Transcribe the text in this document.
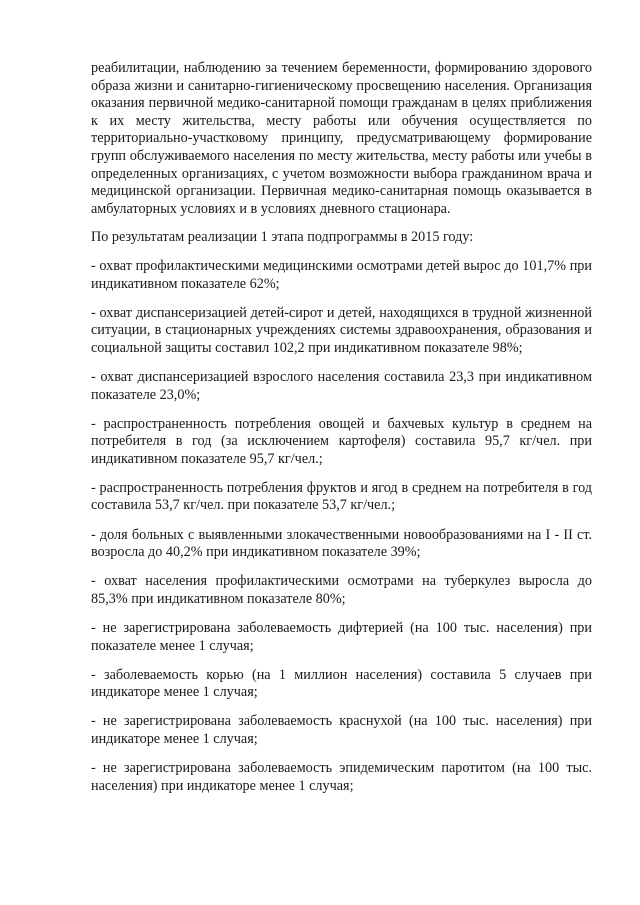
реабилитации, наблюдению за течением беременности, формированию здорового образа жизни и санитарно-гигиеническому просвещению населения. Организация оказания первичной медико-санитарной помощи гражданам в целях приближения к их месту жительства, месту работы или обучения осуществляется по территориально-участковому принципу, предусматривающему формирование групп обслуживаемого населения по месту жительства, месту работы или учебы в определенных организациях, с учетом возможности выбора гражданином врача и медицинской организации. Первичная медико-санитарная помощь оказывается в амбулаторных условиях и в условиях дневного стационара.

По результатам реализации 1 этапа подпрограммы в 2015 году:

- охват профилактическими медицинскими осмотрами детей вырос до 101,7% при индикативном показателе 62%;

- охват диспансеризацией детей-сирот и детей, находящихся в трудной жизненной ситуации, в стационарных учреждениях системы здравоохранения, образования и социальной защиты составил 102,2 при индикативном показателе 98%;

- охват диспансеризацией взрослого населения составила 23,3 при индикативном показателе 23,0%;

- распространенность потребления овощей и бахчевых культур в среднем на потребителя в год (за исключением картофеля) составила 95,7 кг/чел. при индикативном показателе 95,7 кг/чел.;

- распространенность потребления фруктов и ягод в среднем на потребителя в год составила 53,7 кг/чел. при показателе 53,7 кг/чел.;

- доля больных с выявленными злокачественными новообразованиями на I - II ст. возросла до 40,2% при индикативном показателе 39%;

- охват населения профилактическими осмотрами на туберкулез выросла до 85,3% при индикативном показателе 80%;

- не зарегистрирована заболеваемость дифтерией (на 100 тыс. населения) при показателе менее 1 случая;

- заболеваемость корью (на 1 миллион населения) составила 5 случаев при индикаторе менее 1 случая;

- не зарегистрирована заболеваемость краснухой (на 100 тыс. населения) при индикаторе менее 1 случая;

- не зарегистрирована заболеваемость эпидемическим паротитом (на 100 тыс. населения) при индикаторе менее 1 случая;
